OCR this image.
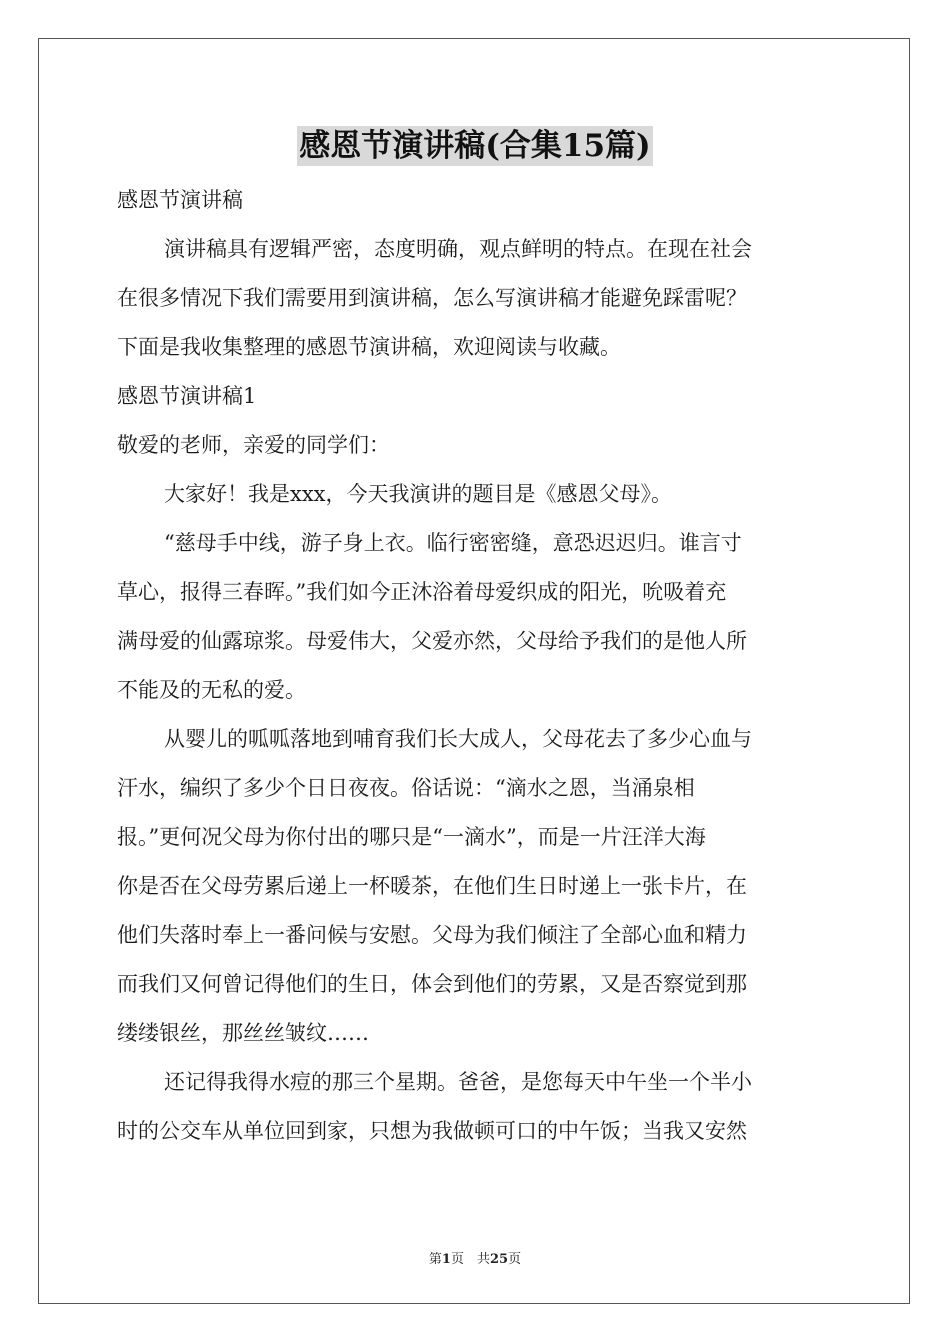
感恩节演讲稿(合集15篇)

感恩节演讲稿

演讲稿具有逻辑严密，态度明确，观点鲜明的特点。在现在社会

在很多情况下我们需要用到演讲稿，怎么写演讲稿才能避免踩雷呢？

下面是我收集整理的感恩节演讲稿，欢迎阅读与收藏。

感恩节演讲稿1

敬爱的老师，亲爱的同学们：

大家好！我是xxx，今天我演讲的题目是《感恩父母》。

“慈母手中线，游子身上衣。临行密密缝，意恐迟迟归。谁言寸

草心，报得三春晖。”我们如今正沐浴着母爱织成的阳光，吮吸着充

满母爱的仙露琼浆。母爱伟大，父爱亦然，父母给予我们的是他人所

不能及的无私的爱。

从婴儿的呱呱落地到哺育我们长大成人，父母花去了多少心血与

汗水，编织了多少个日日夜夜。俗话说：“滴水之恩，当涌泉相

报。”更何况父母为你付出的哪只是“一滴水”，而是一片汪洋大海

你是否在父母劳累后递上一杯暖茶，在他们生日时递上一张卡片，在

他们失落时奉上一番问候与安慰。父母为我们倾注了全部心血和精力

而我们又何曾记得他们的生日，体会到他们的劳累，又是否察觉到那

缕缕银丝，那丝丝皱纹……

还记得我得水痘的那三个星期。爸爸，是您每天中午坐一个半小

时的公交车从单位回到家，只想为我做顿可口的中午饭；当我又安然

第1页　共25页
